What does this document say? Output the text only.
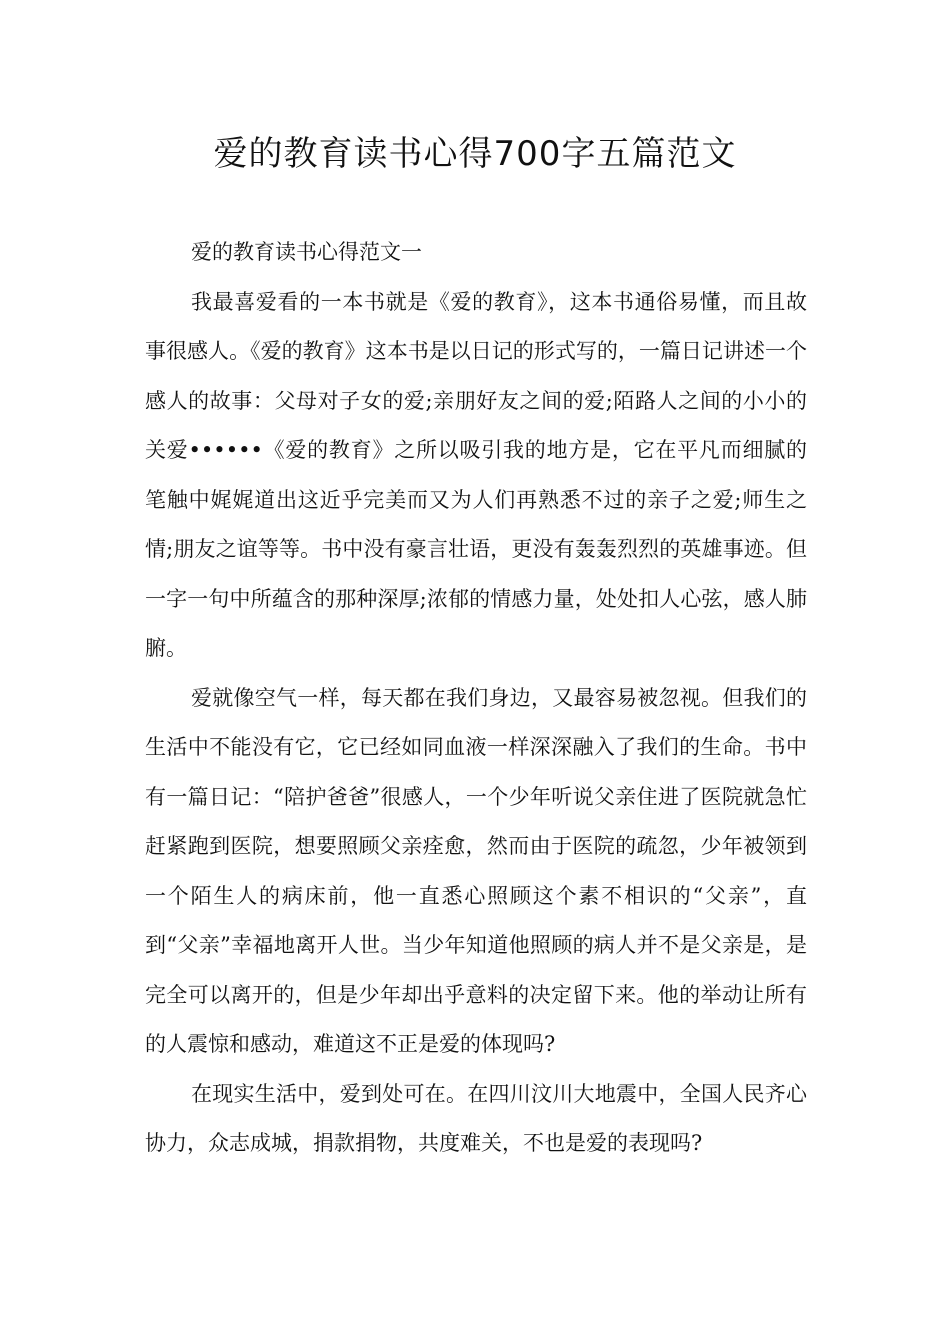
爱的教育读书心得700字五篇范文

爱的教育读书心得范文一

我最喜爱看的一本书就是《爱的教育》，这本书通俗易懂，而且故事很感人。《爱的教育》这本书是以日记的形式写的，一篇日记讲述一个感人的故事：父母对子女的爱;亲朋好友之间的爱;陌路人之间的小小的关爱••••••《爱的教育》之所以吸引我的地方是，它在平凡而细腻的笔触中娓娓道出这近乎完美而又为人们再熟悉不过的亲子之爱;师生之情;朋友之谊等等。书中没有豪言壮语，更没有轰轰烈烈的英雄事迹。但一字一句中所蕴含的那种深厚;浓郁的情感力量，处处扣人心弦，感人肺腑。

爱就像空气一样，每天都在我们身边，又最容易被忽视。但我们的生活中不能没有它，它已经如同血液一样深深融入了我们的生命。书中有一篇日记：“陪护爸爸”很感人，一个少年听说父亲住进了医院就急忙赶紧跑到医院，想要照顾父亲痊愈，然而由于医院的疏忽，少年被领到一个陌生人的病床前，他一直悉心照顾这个素不相识的“父亲”，直到“父亲”幸福地离开人世。当少年知道他照顾的病人并不是父亲是，是完全可以离开的，但是少年却出乎意料的决定留下来。他的举动让所有的人震惊和感动，难道这不正是爱的体现吗?

在现实生活中，爱到处可在。在四川汶川大地震中，全国人民齐心协力，众志成城，捐款捐物，共度难关，不也是爱的表现吗?
